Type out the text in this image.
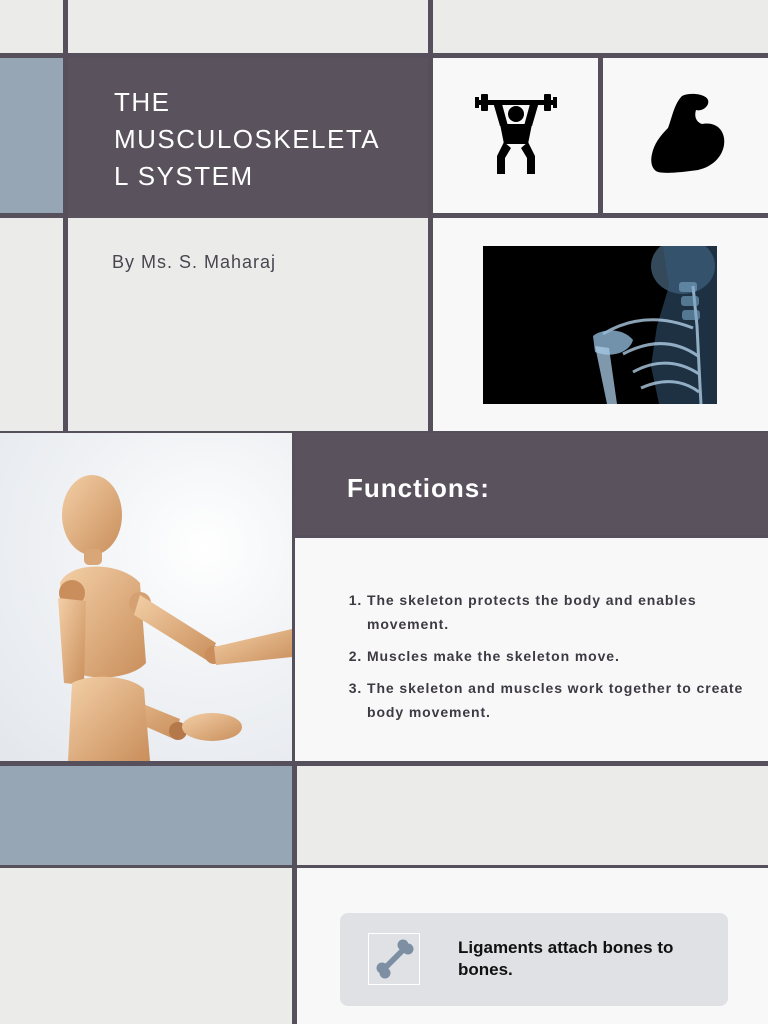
THE
MUSCULOSKELETA
L SYSTEM
By Ms. S. Maharaj
Functions:
1. The skeleton protects the body and enables movement.
2. Muscles make the skeleton move.
3. The skeleton and muscles work together to create body movement.
Ligaments attach bones to bones.
